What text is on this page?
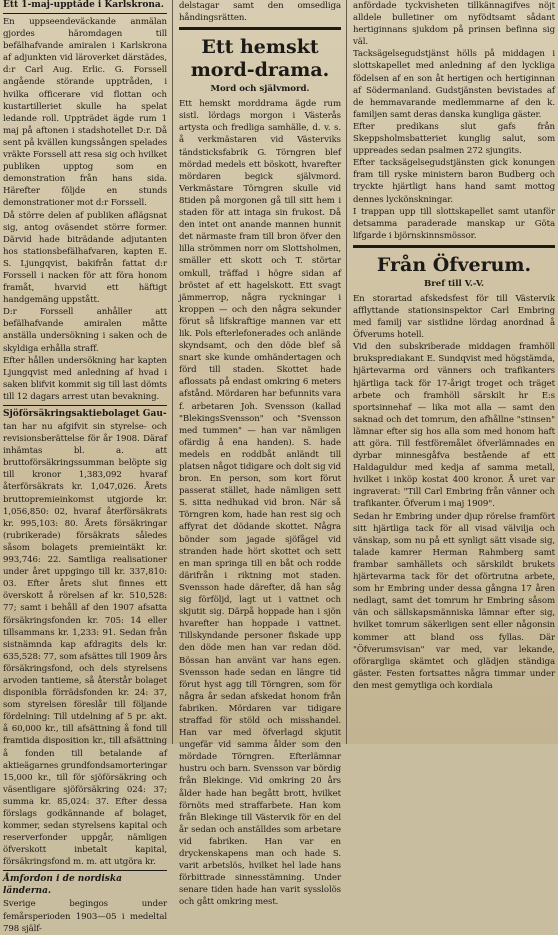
Ett 1-maj-upptåde i Karlskrona.
En uppseendeväckande anmälan gjordes häromdagen till befälhafvande amiralen i Karlskrona af adjunkten vid läroverket därstädes, d:r Carl Aug. Erlic. G. Forssell angående störande upptråden, i hvilka officerare vid flottan och kustartilleriet skulle ha spelat ledande roll. Uppträdet ägde rum 1 maj på aftonen i stadshotellet D:r. Då sent på kvällen kungssången spelades vräkte Forssell att resa sig och hvilket publiken upptog som en demonstration från hans sida. Härefter följde en stunds demonstrationer mot d:r Forssell.
Då större delen af publiken aflägsnat sig, antog oväsendet större former. Därvid hade biträdande adjutanten hos stationsbefälhafvaren, kapten E. S. Ljungqvist, bakifrån fattat d:r Forssell i nacken för att föra honom framåt, hvarvid ett häftigt handgemäng uppstått.
D:r Forssell anhåller att befälhafvande amiralen måtte anställa undersökning i saken och de skyldiga erhålla straff.
Efter hållen undersökning har kapten Ljungqvist med anledning af hvad i saken blifvit kommit sig till last dömts till 12 dagars arrest utan bevakning.
Sjöförsäkringsaktiebolaget Gau-
tan har nu afgifvit sin styrelse- och revisionsberättelse för år 1908. Däraf inhämtas bl. a. att bruttoförsäkringssumman belöpte sig till kronor 1,383,092 hvaraf återförsäkrats kr. 1,047,026. Årets bruttopremieinkomst utgjorde kr. 1,056,850: 02, hvaraf återförsäkrats kr. 995,103: 80. Årets försäkringar (rubrikerade) försäkrats således såsom bolagets premieintäkt kr. 993,746: 22. Samtliga realisationer under året uppgingo till kr. 337,810: 03. Efter årets slut finnes ett överskott å rörelsen af kr. 510,528: 77; samt i behåll af den 1907 afsatta försäkringsfonden kr. 705: 14 eller tillsammans kr. 1,233: 91. Sedan från sistnämnda kap afdragits dels kr. 635,528: 77, som afsättes till 1909 års försäkringsfond, och dels styrelsens arvoden tantieme, så återstår bolaget disponibla förrädsfonden kr. 24: 37, som styrelsen föreslår till följande fördelning: Till utdelning af 5 pr. akt. å 60,000 kr., till afsättning å fond till framtida disposition kr., till afsättning å fonden till betalande af aktieägarnes grundfondsamorteringar 15,000 kr., till för sjöförsäkring och väsentligare sjöförsäkring 024: 37; summa kr. 85,024: 37. Efter dessa förslags godkännande af bolaget, kommer, sedan styrelsens kapital och reserverfonder uppgår, nämligen öfverskott inbetalt kapital, försäkringsfond m. m. att utgöra kr.
Åmfordon i de nordiska länderna.
Sverige begingos under femårsperioden 1903—05 i medeltal 798 själf-
delstagar samt den omsedliga håndingsrätten.
Ett hemskt mord-drama.
Mord och självmord.
Ett hemskt morddrama ägde rum sistl. lördags morgon i Västerås artysta och fredliga samhälle, d. v. s. å verkmästaren vid Västerviks tändsticksfabrik G. Törngren blef mördad medels ett böskott, hvarefter mördaren begick självmord. Verkmästare Törngren skulle vid 8tiden på morgonen gå till sitt hem i staden för att intaga sin frukost. Då den intet ont anande mannen hunnit det närmaste fram till bron öfver den lilla strömmen norr om Slottsholmen, smäller ett skott och T. störtar omkull, träffad i högre sidan af bröstet af ett hagelskott. Ett svagt jämmerrop, några ryckningar i kroppen — och den några sekunder förut så lifskraftige mannen var ett lik. Pols efterlefonerades och anlände skyndsamt, och den döde blef så snart ske kunde omhändertagen och förd till staden. Skottet hade aflossats på endast omkring 6 meters afstånd. Mördaren har befunnits vara f. arbetaren Joh. Svensson (kallad "BlekingsSvensson" och "Svensson med tummen" — han var nämligen ofärdig å ena handen). S. hade medels en roddbåt anländt till platsen något tidigare och dolt sig vid bron. En person, som kort förut passerat stället, hade nämligen sett S. sitta nedhukad vid bron. När så Törngren kom, hade han rest sig och affyrat det dödande skottet. Några bönder som jagade sjöfågel vid stranden hade hört skottet och sett en man springa till en båt och rodde därifrån i riktning mot staden. Svensson hade därefter, då han såg sig förföljd, lagt ut i vattnet och skjutit sig. Därpå hoppade han i sjön hvarefter han hoppade i vattnet. Tillskyndande personer fiskade upp den döde men han var redan död. Bössan han använt var hans egen. Svensson hade sedan en längre tid förut hyst agg till Törngren, som för några år sedan afskedat honom från fabriken. Mördaren var tidigare straffad för stöld och misshandel. Han var med öfverlagd skjutit ungefär vid samma ålder som den mördade Törngren. Efterlämnar hustru och barn. Svensson var bördig från Blekinge. Vid omkring 20 års ålder hade han begått brott, hvilket förnöts med straffarbete. Han kom från Blekinge till Västervik för en del år sedan och anställdes som arbetare vid fabriken. Han var en dryckenskapens man och hade S. varit arbetslös, hvilket hel lade hans förbittrade sinnesstämning. Under senare tiden hade han varit sysslolös och gått omkring mest.
anfördade tyckvisheten tillkännagifves nöjt alldele bulletiner om nyfödtsamt sådant hertiginnans sjukdom på prinsen befinna sig väl.
Tacksägelsegudstjänst hölls på middagen i slottskapellet med anledning af den lyckliga födelsen af en son åt hertigen och hertiginnan af Södermanland. Gudstjänsten bevistades af de hemmavarande medlemmarne af den k. familjen samt deras danska kungliga gäster.
Efter predikans slut gafs från Skeppsholmsbatteriet kunglig salut, som uppreades sedan psalmen 272 sjungits.
Efter tacksägelsegudstjänsten gick konungen fram till ryske ministern baron Budberg och tryckte hjärtligt hans hand samt mottog dennes lyckönskningar.
I trappan upp till slottskapellet samt utanför detsamma paraderade manskap ur Göta lifgarde i björnskinnsmössor.
Från Öfverum.
Bref till V.-V.
En storartad afskedsfest för till Västervik afflyttande stationsinspektor Carl Embring med familj var sistlidne lördag anordnad å Öfverums hotell.
Vid den subskriberade middagen framhöll bruksprediakant E. Sundqvist med högstämda, hjärtevarma ord vänners och trafikanters hjärtliga tack för 17-årigt troget och träget arbete och framhöll särskilt hr E:s sportsinnehaf — lika mot alla — samt den saknad och det tomrum, den afhållne "stinsen" lämnar efter sig hos alla som med honom haft att göra. Till festföremålet öfverlämnades en dyrbar minnesgåfva bestående af ett Haldaguldur med kedja af samma metall, hvilket i inköp kostat 400 kronor. Å uret var ingraverat: "Till Carl Embring från vänner och trafikanter. Öfverum i maj 1909".
Sedan hr Embring under djup rörelse framfört sitt hjärtliga tack för all visad välvilja och vänskap, som nu på ett synligt sätt visade sig, talade kamrer Herman Rahmberg samt frambar samhällets och särskildt brukets hjärtevarma tack för det oförtrutna arbete, som hr Embring under dessa gångna 17 åren nedlagt, samt det tomrum hr Embring såsom vän och sällskapsmänniska lämnar efter sig, hvilket tomrum säkerligen sent eller någonsin kommer att bland oss fyllas. Där "Öfverumsvisan" var med, var lekande, oförargliga skämtet och glädjen ständiga gäster. Festen fortsattes några timmar under den mest gemytliga och kordiala
